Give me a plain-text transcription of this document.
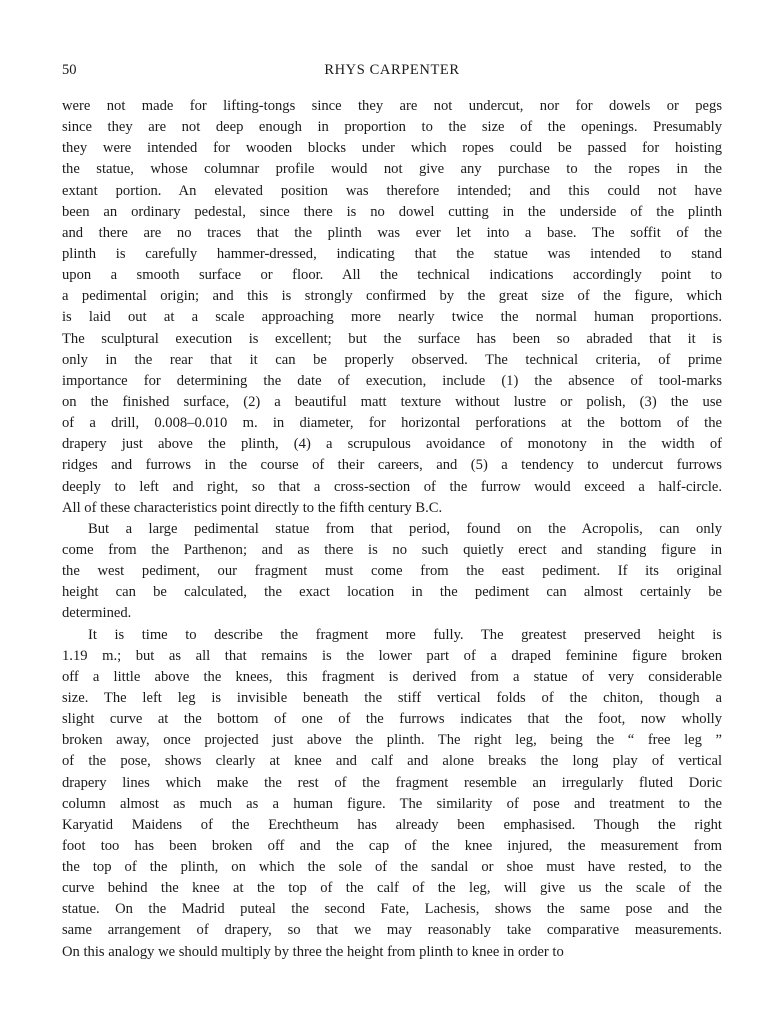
50	RHYS CARPENTER
were not made for lifting-tongs since they are not undercut, nor for dowels or pegs
since they are not deep enough in proportion to the size of the openings. Presumably
they were intended for wooden blocks under which ropes could be passed for hoisting
the statue, whose columnar profile would not give any purchase to the ropes in the
extant portion. An elevated position was therefore intended; and this could not have
been an ordinary pedestal, since there is no dowel cutting in the underside of the plinth
and there are no traces that the plinth was ever let into a base. The soffit of the
plinth is carefully hammer-dressed, indicating that the statue was intended to stand
upon a smooth surface or floor. All the technical indications accordingly point to
a pedimental origin; and this is strongly confirmed by the great size of the figure, which
is laid out at a scale approaching more nearly twice the normal human proportions.
The sculptural execution is excellent; but the surface has been so abraded that it is
only in the rear that it can be properly observed. The technical criteria, of prime
importance for determining the date of execution, include (1) the absence of tool-marks
on the finished surface, (2) a beautiful matt texture without lustre or polish, (3) the use
of a drill, 0.008–0.010 m. in diameter, for horizontal perforations at the bottom of the
drapery just above the plinth, (4) a scrupulous avoidance of monotony in the width of
ridges and furrows in the course of their careers, and (5) a tendency to undercut furrows
deeply to left and right, so that a cross-section of the furrow would exceed a half-circle.
All of these characteristics point directly to the fifth century B.C.
But a large pedimental statue from that period, found on the Acropolis, can only
come from the Parthenon; and as there is no such quietly erect and standing figure in
the west pediment, our fragment must come from the east pediment. If its original
height can be calculated, the exact location in the pediment can almost certainly be
determined.
It is time to describe the fragment more fully. The greatest preserved height is
1.19 m.; but as all that remains is the lower part of a draped feminine figure broken
off a little above the knees, this fragment is derived from a statue of very considerable
size. The left leg is invisible beneath the stiff vertical folds of the chiton, though a
slight curve at the bottom of one of the furrows indicates that the foot, now wholly
broken away, once projected just above the plinth. The right leg, being the “ free leg ”
of the pose, shows clearly at knee and calf and alone breaks the long play of vertical
drapery lines which make the rest of the fragment resemble an irregularly fluted Doric
column almost as much as a human figure. The similarity of pose and treatment to the
Karyatid Maidens of the Erechtheum has already been emphasised. Though the right
foot too has been broken off and the cap of the knee injured, the measurement from
the top of the plinth, on which the sole of the sandal or shoe must have rested, to the
curve behind the knee at the top of the calf of the leg, will give us the scale of the
statue. On the Madrid puteal the second Fate, Lachesis, shows the same pose and the
same arrangement of drapery, so that we may reasonably take comparative measurements.
On this analogy we should multiply by three the height from plinth to knee in order to
